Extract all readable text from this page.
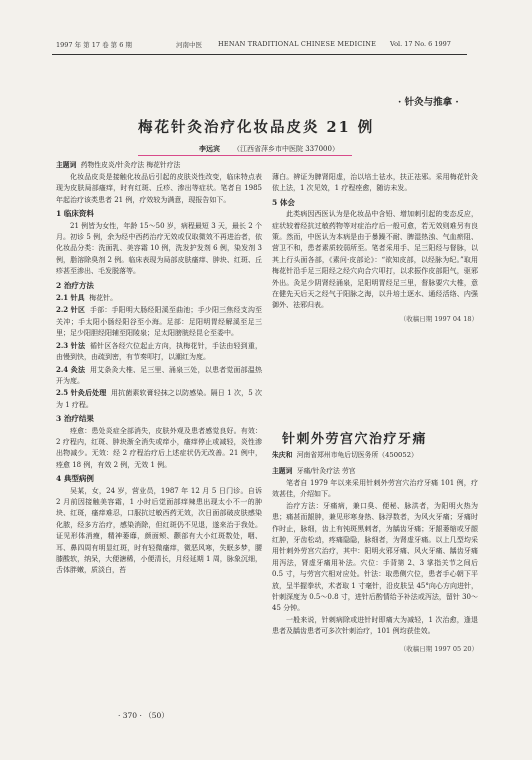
1997 年 第 17 卷 第 6 期	河南中医 HENAN TRADITIONAL CHINESE MEDICINE Vol. 17 No. 6 1997
· 针灸与推拿 ·
梅花针灸治疗化妆品皮炎 21 例
李远宾 （江西省萍乡市中医院 337000）
主题词 药物性皮炎/针灸疗法 梅花针疗法

化妆品皮炎是接触化妆品后引起的皮肤炎性改变，临床特点表现为皮肤局部瘙痒，时有红斑、丘疹、渗出等症状。笔者自 1985 年起治疗该类患者 21 例，疗效较为满意，现报告如下。

1 临床资料

21 例皆为女性，年龄 15～50 岁，病程最短 3 天，最长 2 个月。初诊 5 例，余为经中西药治疗无效或仅取微效不再进治者，依化妆品分类：洗面乳、美容霜 10 例，洗发护发剂 6 例，染发剂 3 例，脂溶除臭剂 2 例。临床表现为局部皮肤瘙痒、肿块、红斑、丘疹甚至渗出、毛发脱落等。

2 治疗方法

2.1 针具 梅花针。

2.2 针区 手部：手阳明大肠经阳溪至曲池；手少阳三焦经支沟至关冲；手太阳小肠经阳谷至小海。足部：足阳明胃经解溪至足三里；足少阳胆经阳辅至阳陵泉；足太阳膀胱经昆仑至委中。

2.3 针法 循针区各经穴位起止方向，执梅花针，手法由轻到重，由慢到快，由疏到密，有节奏叩打，以潮红为度。

2.4 灸法 用艾条灸大椎、足三里、涌泉三处，以患者觉面部温热开为度。

2.5 针灸后处理 用抗菌素软膏轻抹之以防感染。隔日 1 次，5 次为 1 疗程。

3 治疗结果

痊愈：患处炎症全部消失，皮肤外观及患者感觉良好。有效：2 疗程内，红斑、肿块渐全消失或痒小，瘙痒停止或减轻，炎性渗出物减少。无效：经 2 疗程治疗后上述症状仍无改善。21 例中，痊愈 18 例，有效 2 例，无效 1 例。

4 典型病例

吴某，女，24 岁，营业员，1987 年 12 月 5 日门诊。自诉 2 月前因接触美容霜，1 小时后觉面部痒辣患出现太小不一的肿块、红斑，瘙痒难忍，口服抗过敏西药无效，次日面部破皮肤感染化脓，经多方治疗，感染消除，但红斑仍不见退，遂来治于我处。证见形体消瘦，精神萎靡，颜面颊、颧部有大小红斑数处，咽、耳、鼻四周有明显红斑，时有轻微瘙痒，微恶风寒，失眠多梦，腰膝酸软，纳呆，大便溏稀，小便清长，月经延期 1 周，脉象沉细，舌体胖嫩，质淡白，苔

薄白。辨证为脾肾阳虚，治以培土祛水，扶正祛邪。采用梅花针灸依上法，1 次见效，1 疗程痊愈，随访未发。

5 体会

此类病因西医认为是化妆品中含铅、增加刺引起的变态反应，症状较着经抗过敏药物等对症治疗后一般可愈，若无效则难另有良策。然而，中医认为本病是由于暴躁不耐、脾湿热浊、气血瘀阻、营卫不和，患者素质较弱所至。笔者采用手、足三阳经与督脉，以其上行头面各部，《素问·皮部论》：“欲知皮部，以经脉为纪。”取用梅花针沿手足三阳经之经穴向合穴叩打，以求振作皮部阳气，驱邪外出。灸足少阴肾经涌泉，足阳明胃经足三里，督脉要穴大椎，意在健先天后天之经气于阳脉之海，以升培土逐水、通经活络、内强御外、祛邪归表。

（收稿日期 1997 04 18）
针刺外劳宫穴治疗牙痛
朱庆和 河南省郑州市龟后切医务所（450052）
主题词 牙痛/针灸疗法 劳宫

笔者自 1979 年以来采用针刺外劳宫穴治疗牙痛 101 例，疗效甚佳，介绍如下。

治疗方法：牙痛病，兼口臭、便秘、脉洪者，为阳明火热为患；痛甚而龈肿，兼见形寒身热、脉浮数者，为风火牙痛；牙痛时作时止，脉细，齿上有钝斑黑刺者，为龋齿牙痛；牙龈萎缩或牙龈红肿，牙齿松动，疼痛隐隐，脉细者，为肾虚牙痛。以上几型均采用针刺外劳宫穴治疗，其中：阳明火邪牙痛、风火牙痛、龋齿牙痛用泻法，肾虚牙痛用补法。穴位：手背第 2、3 掌指关节之间后 0.5 寸，与劳宫穴相对应处。针法：取患侧穴位，患者手心朝下平放，呈半握拳状，术者取 1 寸毫针，沿皮肤呈 45°向心方向进针，针刺深度为 0.5～0.8 寸，进针后酌情给予补法或泻法，留针 30～45 分钟。

一般来说，针刺病除或进针时即痛大为减轻，1 次治愈，逢退患者及龋齿患者可多次针刺治疗，101 例均获佳效。

（收稿日期 1997 05 20）
· 370 · （50）
